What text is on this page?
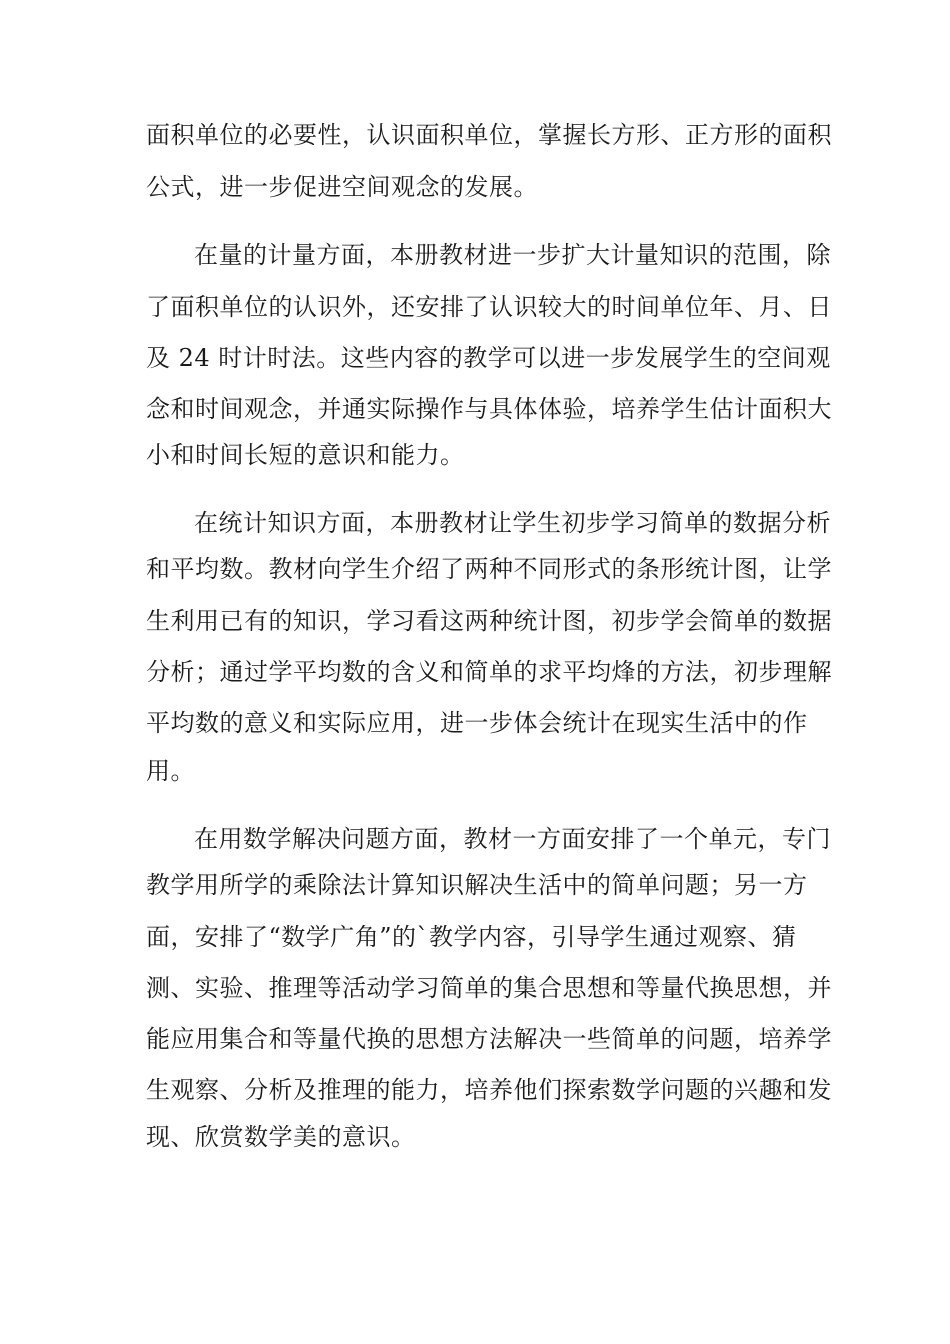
面积单位的必要性，认识面积单位，掌握长方形、正方形的面积
公式，进一步促进空间观念的发展。
在量的计量方面，本册教材进一步扩大计量知识的范围，除
了面积单位的认识外，还安排了认识较大的时间单位年、月、日
及 24 时计时法。这些内容的教学可以进一步发展学生的空间观
念和时间观念，并通实际操作与具体体验，培养学生估计面积大
小和时间长短的意识和能力。
在统计知识方面，本册教材让学生初步学习简单的数据分析
和平均数。教材向学生介绍了两种不同形式的条形统计图，让学
生利用已有的知识，学习看这两种统计图，初步学会简单的数据
分析；通过学平均数的含义和简单的求平均烽的方法，初步理解
平均数的意义和实际应用，进一步体会统计在现实生活中的作
用。
在用数学解决问题方面，教材一方面安排了一个单元，专门
教学用所学的乘除法计算知识解决生活中的简单问题；另一方
面，安排了“数学广角”的`教学内容，引导学生通过观察、猜
测、实验、推理等活动学习简单的集合思想和等量代换思想，并
能应用集合和等量代换的思想方法解决一些简单的问题，培养学
生观察、分析及推理的能力，培养他们探索数学问题的兴趣和发
现、欣赏数学美的意识。
